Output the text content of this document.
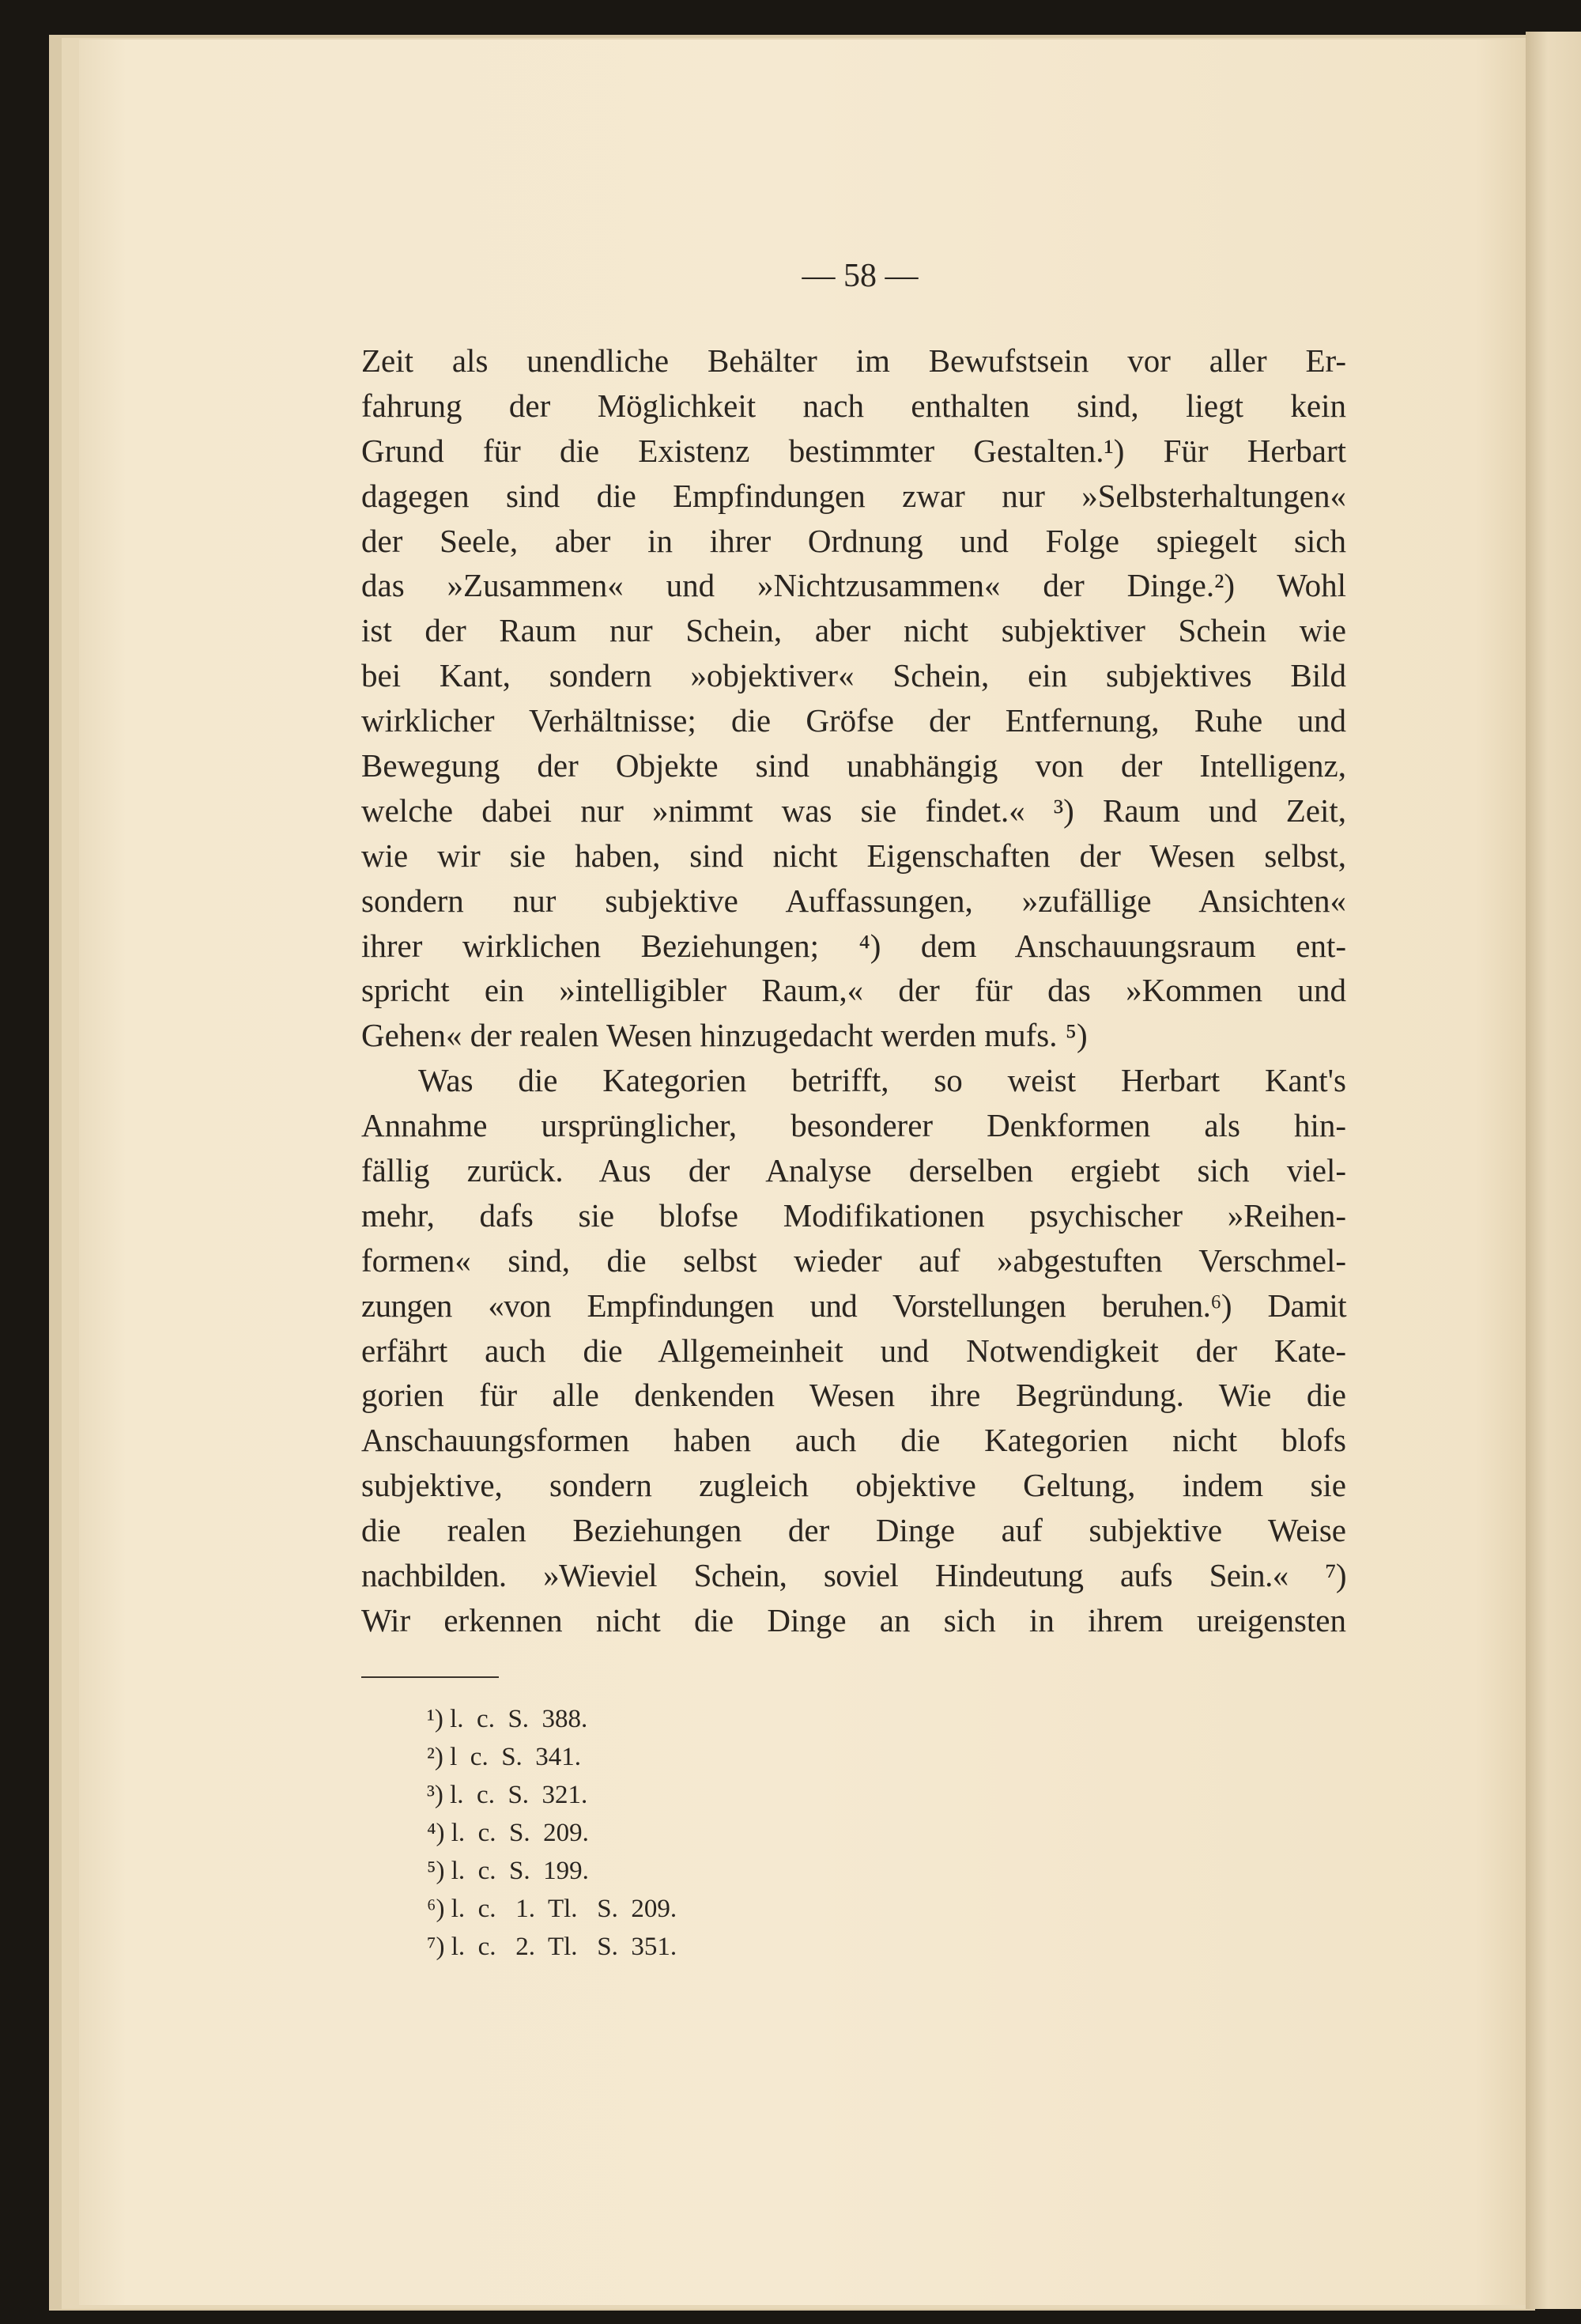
— 58 —
Zeit als unendliche Behälter im Bewufstsein vor aller Er-
fahrung der Möglichkeit nach enthalten sind, liegt kein
Grund für die Existenz bestimmter Gestalten.¹) Für Herbart
dagegen sind die Empfindungen zwar nur »Selbsterhaltungen«
der Seele, aber in ihrer Ordnung und Folge spiegelt sich
das »Zusammen« und »Nichtzusammen« der Dinge.²) Wohl
ist der Raum nur Schein, aber nicht subjektiver Schein wie
bei Kant, sondern »objektiver« Schein, ein subjektives Bild
wirklicher Verhältnisse; die Gröfse der Entfernung, Ruhe und
Bewegung der Objekte sind unabhängig von der Intelligenz,
welche dabei nur »nimmt was sie findet.« ³) Raum und Zeit,
wie wir sie haben, sind nicht Eigenschaften der Wesen selbst,
sondern nur subjektive Auffassungen, »zufällige Ansichten«
ihrer wirklichen Beziehungen; ⁴) dem Anschauungsraum ent-
spricht ein »intelligibler Raum,« der für das »Kommen und
Gehen« der realen Wesen hinzugedacht werden mufs. ⁵)
Was die Kategorien betrifft, so weist Herbart Kant's
Annahme ursprünglicher, besonderer Denkformen als hin-
fällig zurück. Aus der Analyse derselben ergiebt sich viel-
mehr, dafs sie blofse Modifikationen psychischer »Reihen-
formen« sind, die selbst wieder auf »abgestuften Verschmel-
zungen «von Empfindungen und Vorstellungen beruhen.⁶) Damit
erfährt auch die Allgemeinheit und Notwendigkeit der Kate-
gorien für alle denkenden Wesen ihre Begründung. Wie die
Anschauungsformen haben auch die Kategorien nicht blofs
subjektive, sondern zugleich objektive Geltung, indem sie
die realen Beziehungen der Dinge auf subjektive Weise
nachbilden. »Wieviel Schein, soviel Hindeutung aufs Sein.« ⁷)
Wir erkennen nicht die Dinge an sich in ihrem ureigensten
¹) l.  c.  S.  388.
²) l  c.  S.  341.
³) l.  c.  S.  321.
⁴) l.  c.  S.  209.
⁵) l.  c.  S.  199.
⁶) l.  c.   1.  Tl.   S.  209.
⁷) l.  c.   2.  Tl.   S.  351.
